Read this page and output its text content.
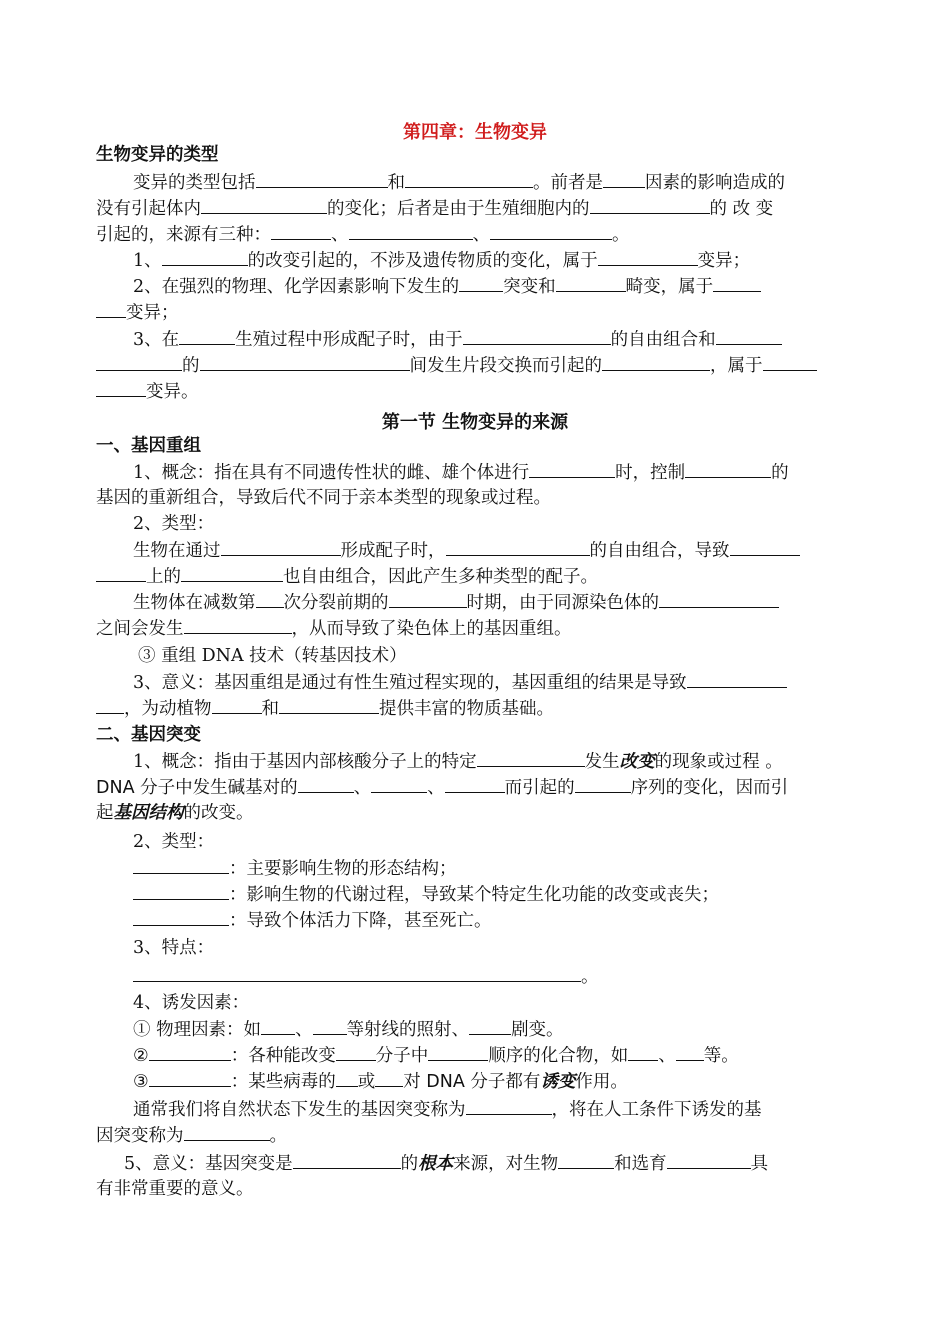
第四章：生物变异
生物变异的类型
变异的类型包括	和	。前者是 因素的影响造成的
没有引起体内	的变化；后者是由于生殖细胞内的	的 改 变
引起的，来源有三种：	、	、	。
1、	的改变引起的，不涉及遗传物质的变化，属于	变异；
2、在强烈的物理、化学因素影响下发生的	突变和	畸变，属于
变异；
3、在	生殖过程中形成配子时，由于	的自由组合和
的	间发生片段交换而引起的	，属于
变异。
第一节 生物变异的来源
一、基因重组
1、概念：指在具有不同遗传性状的雌、雄个体进行	时，控制	的
基因的重新组合，导致后代不同于亲本类型的现象或过程。
2、类型：
生物在通过	形成配子时，	的自由组合，导致
上的	也自由组合，因此产生多种类型的配子。
生物体在减数第 次分裂前期的	时期，由于同源染色体的
之间会发生	，从而导致了染色体上的基因重组。
③ 重组 DNA 技术（转基因技术）
3、意义：基因重组是通过有性生殖过程实现的，基因重组的结果是导致
，为动植物	和	提供丰富的物质基础。
二、基因突变
1、概念：指由于基因内部核酸分子上的特定	发生改变的现象或过程 。
DNA 分子中发生碱基对的	、	、	而引起的	序列的变化，因而引
起基因结构的改变。
2、类型：
：主要影响生物的形态结构；
：影响生物的代谢过程，导致某个特定生化功能的改变或丧失；
：导致个体活力下降，甚至死亡。
3、特点：
。
4、诱发因素：
① 物理因素：如 、 等射线的照射、 剧变。
②	：各种能改变 分子中	顺序的化合物，如 、 等。
③	：某些病毒的 或 对 DNA 分子都有诱变作用。
通常我们将自然状态下发生的基因突变称为	，将在人工条件下诱发的基
因突变称为	。
5、意义：基因突变是	的根本来源，对生物	和选育	具
有非常重要的意义。
